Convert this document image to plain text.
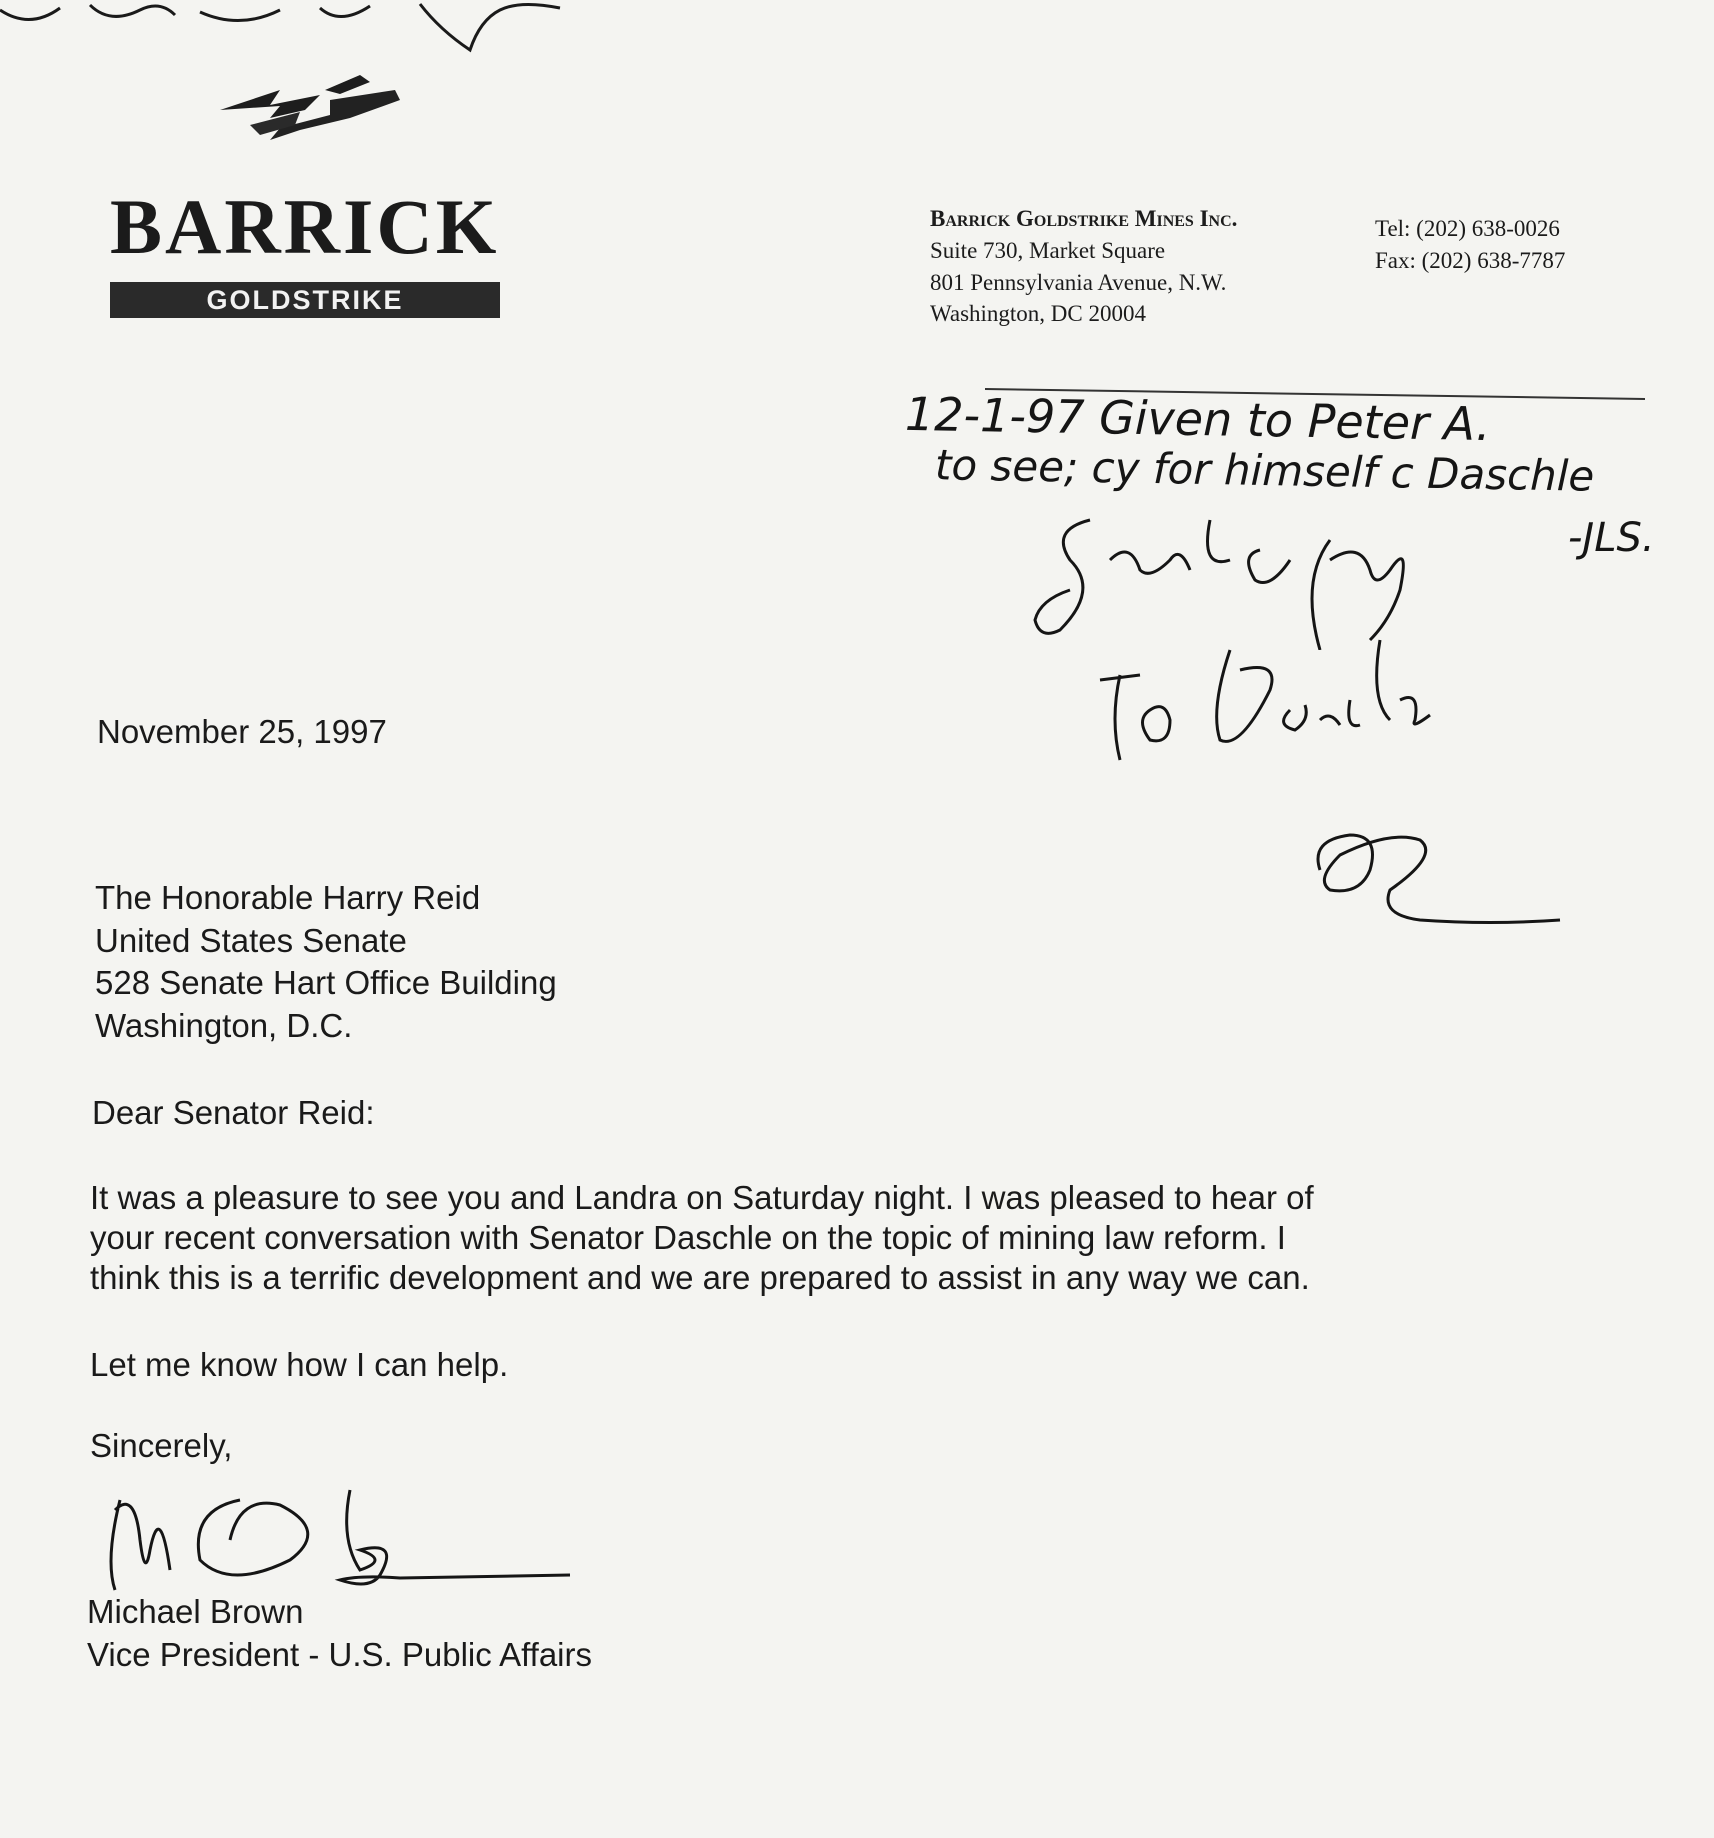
BARRICK
GOLDSTRIKE
Barrick Goldstrike Mines Inc.
Suite 730, Market Square
801 Pennsylvania Avenue, N.W.
Washington, DC 20004
Tel: (202) 638-0026
Fax: (202) 638-7787
12-1-97 Given to Peter A.
to see; cy for himself c Daschle
-JLS.
November 25, 1997
The Honorable Harry Reid
United States Senate
528 Senate Hart Office Building
Washington, D.C.
Dear Senator Reid:
It was a pleasure to see you and Landra on Saturday night. I was pleased to hear of
your recent conversation with Senator Daschle on the topic of mining law reform. I
think this is a terrific development and we are prepared to assist in any way we can.
Let me know how I can help.
Sincerely,
Michael Brown
Vice President - U.S. Public Affairs
